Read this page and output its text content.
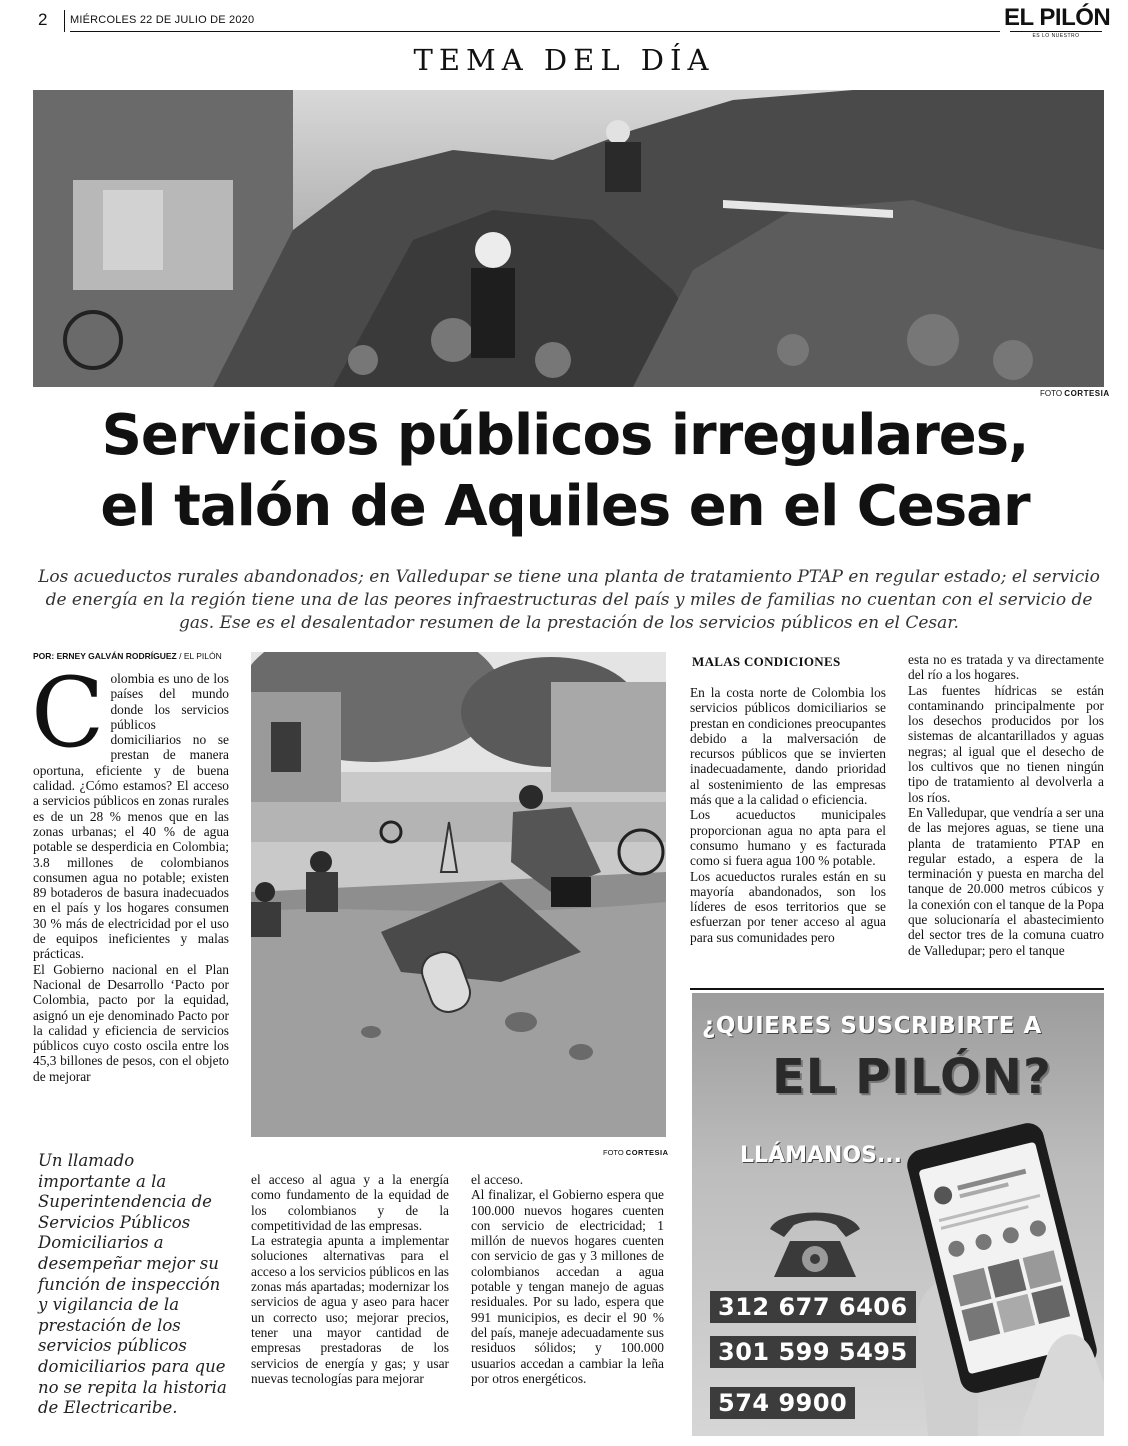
2 MIÉRCOLES 22 DE JULIO DE 2020	EL PILÓN
ES LO NUESTRO
TEMA DEL DÍA
FOTO CORTESIA
Servicios públicos irregulares,
el talón de Aquiles en el Cesar
Los acueductos rurales abandonados; en Valledupar se tiene una planta de tratamiento PTAP en regular estado; el servicio de energía en la región tiene una de las peores infraestructuras del país y miles de familias no cuentan con el servicio de gas. Ese es el desalentador resumen de la prestación de los servicios públicos en el Cesar.
POR: ERNEY GALVÁN RODRÍGUEZ / EL PILÓN
C olombia es uno de los países del mundo donde los servicios públicos domiciliarios no se prestan de manera oportuna, eficiente y de buena calidad. ¿Cómo estamos? El acceso a servicios públicos en zonas rurales es de un 28 % menos que en las zonas urbanas; el 40 % de agua potable se desperdicia en Colombia; 3.8 millones de colombianos consumen agua no potable; existen 89 botaderos de basura inadecuados en el país y los hogares consumen 30 % más de electricidad por el uso de equipos ineficientes y malas prácticas.

El Gobierno nacional en el Plan Nacional de Desarrollo ‘Pacto por Colombia, pacto por la equidad, asignó un eje denominado Pacto por la calidad y eficiencia de servicios públicos cuyo costo oscila entre los 45,3 billones de pesos, con el objeto de mejorar

FOTO CORTESIA
Un llamado importante a la Superintendencia de Servicios Públicos Domiciliarios a desempeñar mejor su función de inspección y vigilancia de la prestación de los servicios públicos domiciliarios para que no se repita la historia de Electricaribe.

el acceso al agua y a la energía como fundamento de la equidad de los colombianos y de la competitividad de las empresas.

La estrategia apunta a implementar soluciones alternativas para el acceso a los servicios públicos en las zonas más apartadas; modernizar los servicios de agua y aseo para hacer un correcto uso; mejorar precios, tener una mayor cantidad de empresas prestadoras de los servicios de energía y gas; y usar nuevas tecnologías para mejorar

el acceso.

Al finalizar, el Gobierno espera que 100.000 nuevos hogares cuenten con servicio de electricidad; 1 millón de nuevos hogares cuenten con servicio de gas y 3 millones de colombianos accedan a agua potable y tengan manejo de aguas residuales. Por su lado, espera que 991 municipios, es decir el 90 % del país, maneje adecuadamente sus residuos sólidos; y 100.000 usuarios accedan a cambiar la leña por otros energéticos.

MALAS CONDICIONES

En la costa norte de Colombia los servicios públicos domiciliarios se prestan en condiciones preocupantes debido a la malversación de recursos públicos que se invierten inadecuadamente, dando prioridad al sostenimiento de las empresas más que a la calidad o eficiencia.

Los acueductos municipales proporcionan agua no apta para el consumo humano y es facturada como si fuera agua 100 % potable.

Los acueductos rurales están en su mayoría abandonados, son los líderes de esos territorios que se esfuerzan por tener acceso al agua para sus comunidades pero

esta no es tratada y va directamente del río a los hogares.

Las fuentes hídricas se están contaminando principalmente por los desechos producidos por los sistemas de alcantarillados y aguas negras; al igual que el desecho de los cultivos que no tienen ningún tipo de tratamiento al devolverla a los ríos.

En Valledupar, que vendría a ser una de las mejores aguas, se tiene una planta de tratamiento PTAP en regular estado, a espera de la terminación y puesta en marcha del tanque de 20.000 metros cúbicos y la conexión con el tanque de la Popa que solucionaría el abastecimiento del sector tres de la comuna cuatro de Valledupar; pero el tanque

¿QUIERES SUSCRIBIRTE A
EL PILÓN?
LLÁMANOS...
312 677 6406
301 599 5495
574 9900
